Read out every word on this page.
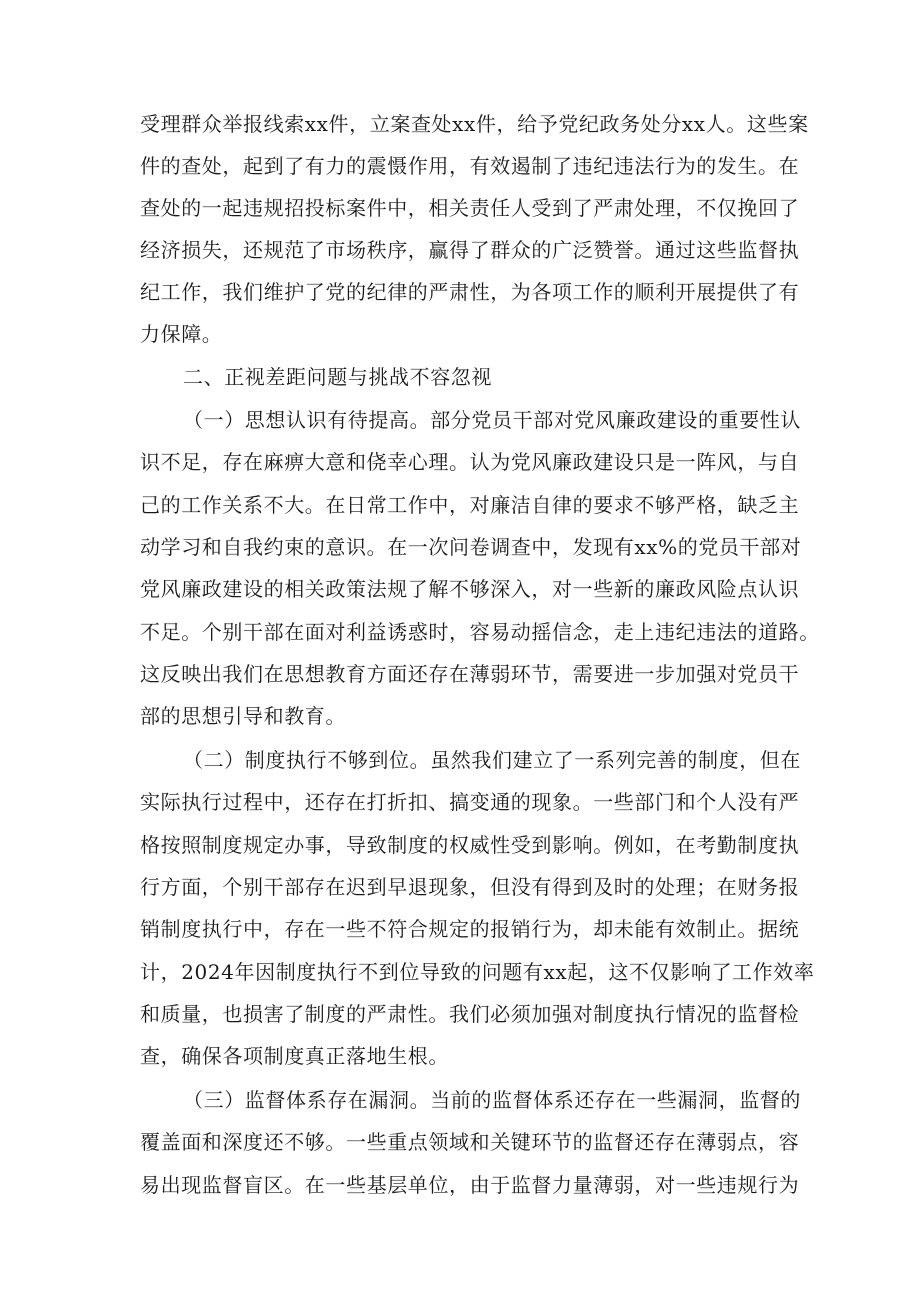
受理群众举报线索xx件，立案查处xx件，给予党纪政务处分xx人。这些案
件的查处，起到了有力的震慑作用，有效遏制了违纪违法行为的发生。在
查处的一起违规招投标案件中，相关责任人受到了严肃处理，不仅挽回了
经济损失，还规范了市场秩序，赢得了群众的广泛赞誉。通过这些监督执
纪工作，我们维护了党的纪律的严肃性，为各项工作的顺利开展提供了有
力保障。
二、正视差距问题与挑战不容忽视
（一）思想认识有待提高。部分党员干部对党风廉政建设的重要性认
识不足，存在麻痹大意和侥幸心理。认为党风廉政建设只是一阵风，与自
己的工作关系不大。在日常工作中，对廉洁自律的要求不够严格，缺乏主
动学习和自我约束的意识。在一次问卷调查中，发现有xx%的党员干部对
党风廉政建设的相关政策法规了解不够深入，对一些新的廉政风险点认识
不足。个别干部在面对利益诱惑时，容易动摇信念，走上违纪违法的道路。
这反映出我们在思想教育方面还存在薄弱环节，需要进一步加强对党员干
部的思想引导和教育。
（二）制度执行不够到位。虽然我们建立了一系列完善的制度，但在
实际执行过程中，还存在打折扣、搞变通的现象。一些部门和个人没有严
格按照制度规定办事，导致制度的权威性受到影响。例如，在考勤制度执
行方面，个别干部存在迟到早退现象，但没有得到及时的处理；在财务报
销制度执行中，存在一些不符合规定的报销行为，却未能有效制止。据统
计，2024年因制度执行不到位导致的问题有xx起，这不仅影响了工作效率
和质量，也损害了制度的严肃性。我们必须加强对制度执行情况的监督检
查，确保各项制度真正落地生根。
（三）监督体系存在漏洞。当前的监督体系还存在一些漏洞，监督的
覆盖面和深度还不够。一些重点领域和关键环节的监督还存在薄弱点，容
易出现监督盲区。在一些基层单位，由于监督力量薄弱，对一些违规行为
